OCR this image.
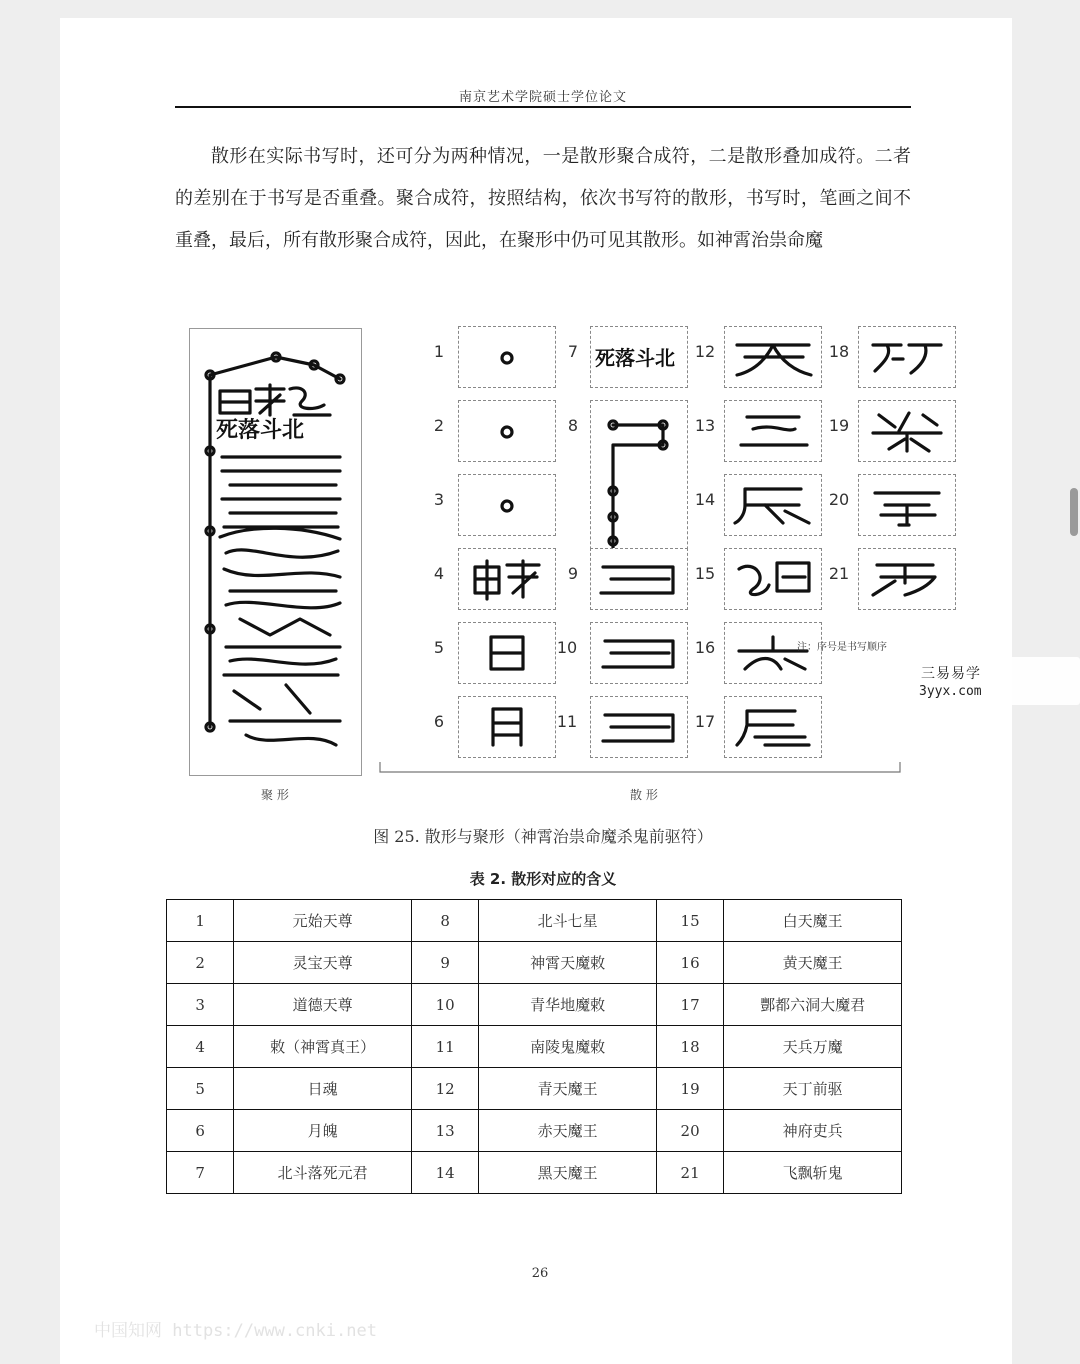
南京艺术学院硕士学位论文

散形在实际书写时，还可分为两种情况，一是散形聚合成符，二是散形叠加成符。二者的差别在于书写是否重叠。聚合成符，按照结构，依次书写符的散形，书写时，笔画之间不重叠，最后，所有散形聚合成符，因此，在聚形中仍可见其散形。如神霄治祟命魔

死落斗北
1
2
3
4
5
6
7 死落斗北
8
9
10
11
12
13
14
15
16
17
18
19
20
21
注：序号是书写顺序
聚 形	散 形
图 25. 散形与聚形（神霄治祟命魔杀鬼前驱符）
表 2. 散形对应的含义
1	元始天尊	8	北斗七星	15	白天魔王
2	灵宝天尊	9	神霄天魔敕	16	黄天魔王
3	道德天尊	10	青华地魔敕	17	酆都六洞大魔君
4	敕（神霄真王）	11	南陵鬼魔敕	18	天兵万魔
5	日魂	12	青天魔王	19	天丁前驱
6	月魄	13	赤天魔王	20	神府吏兵
7	北斗落死元君	14	黑天魔王	21	飞飘斩鬼
26
中国知网 https://www.cnki.net
三易易学
3yyx.com
